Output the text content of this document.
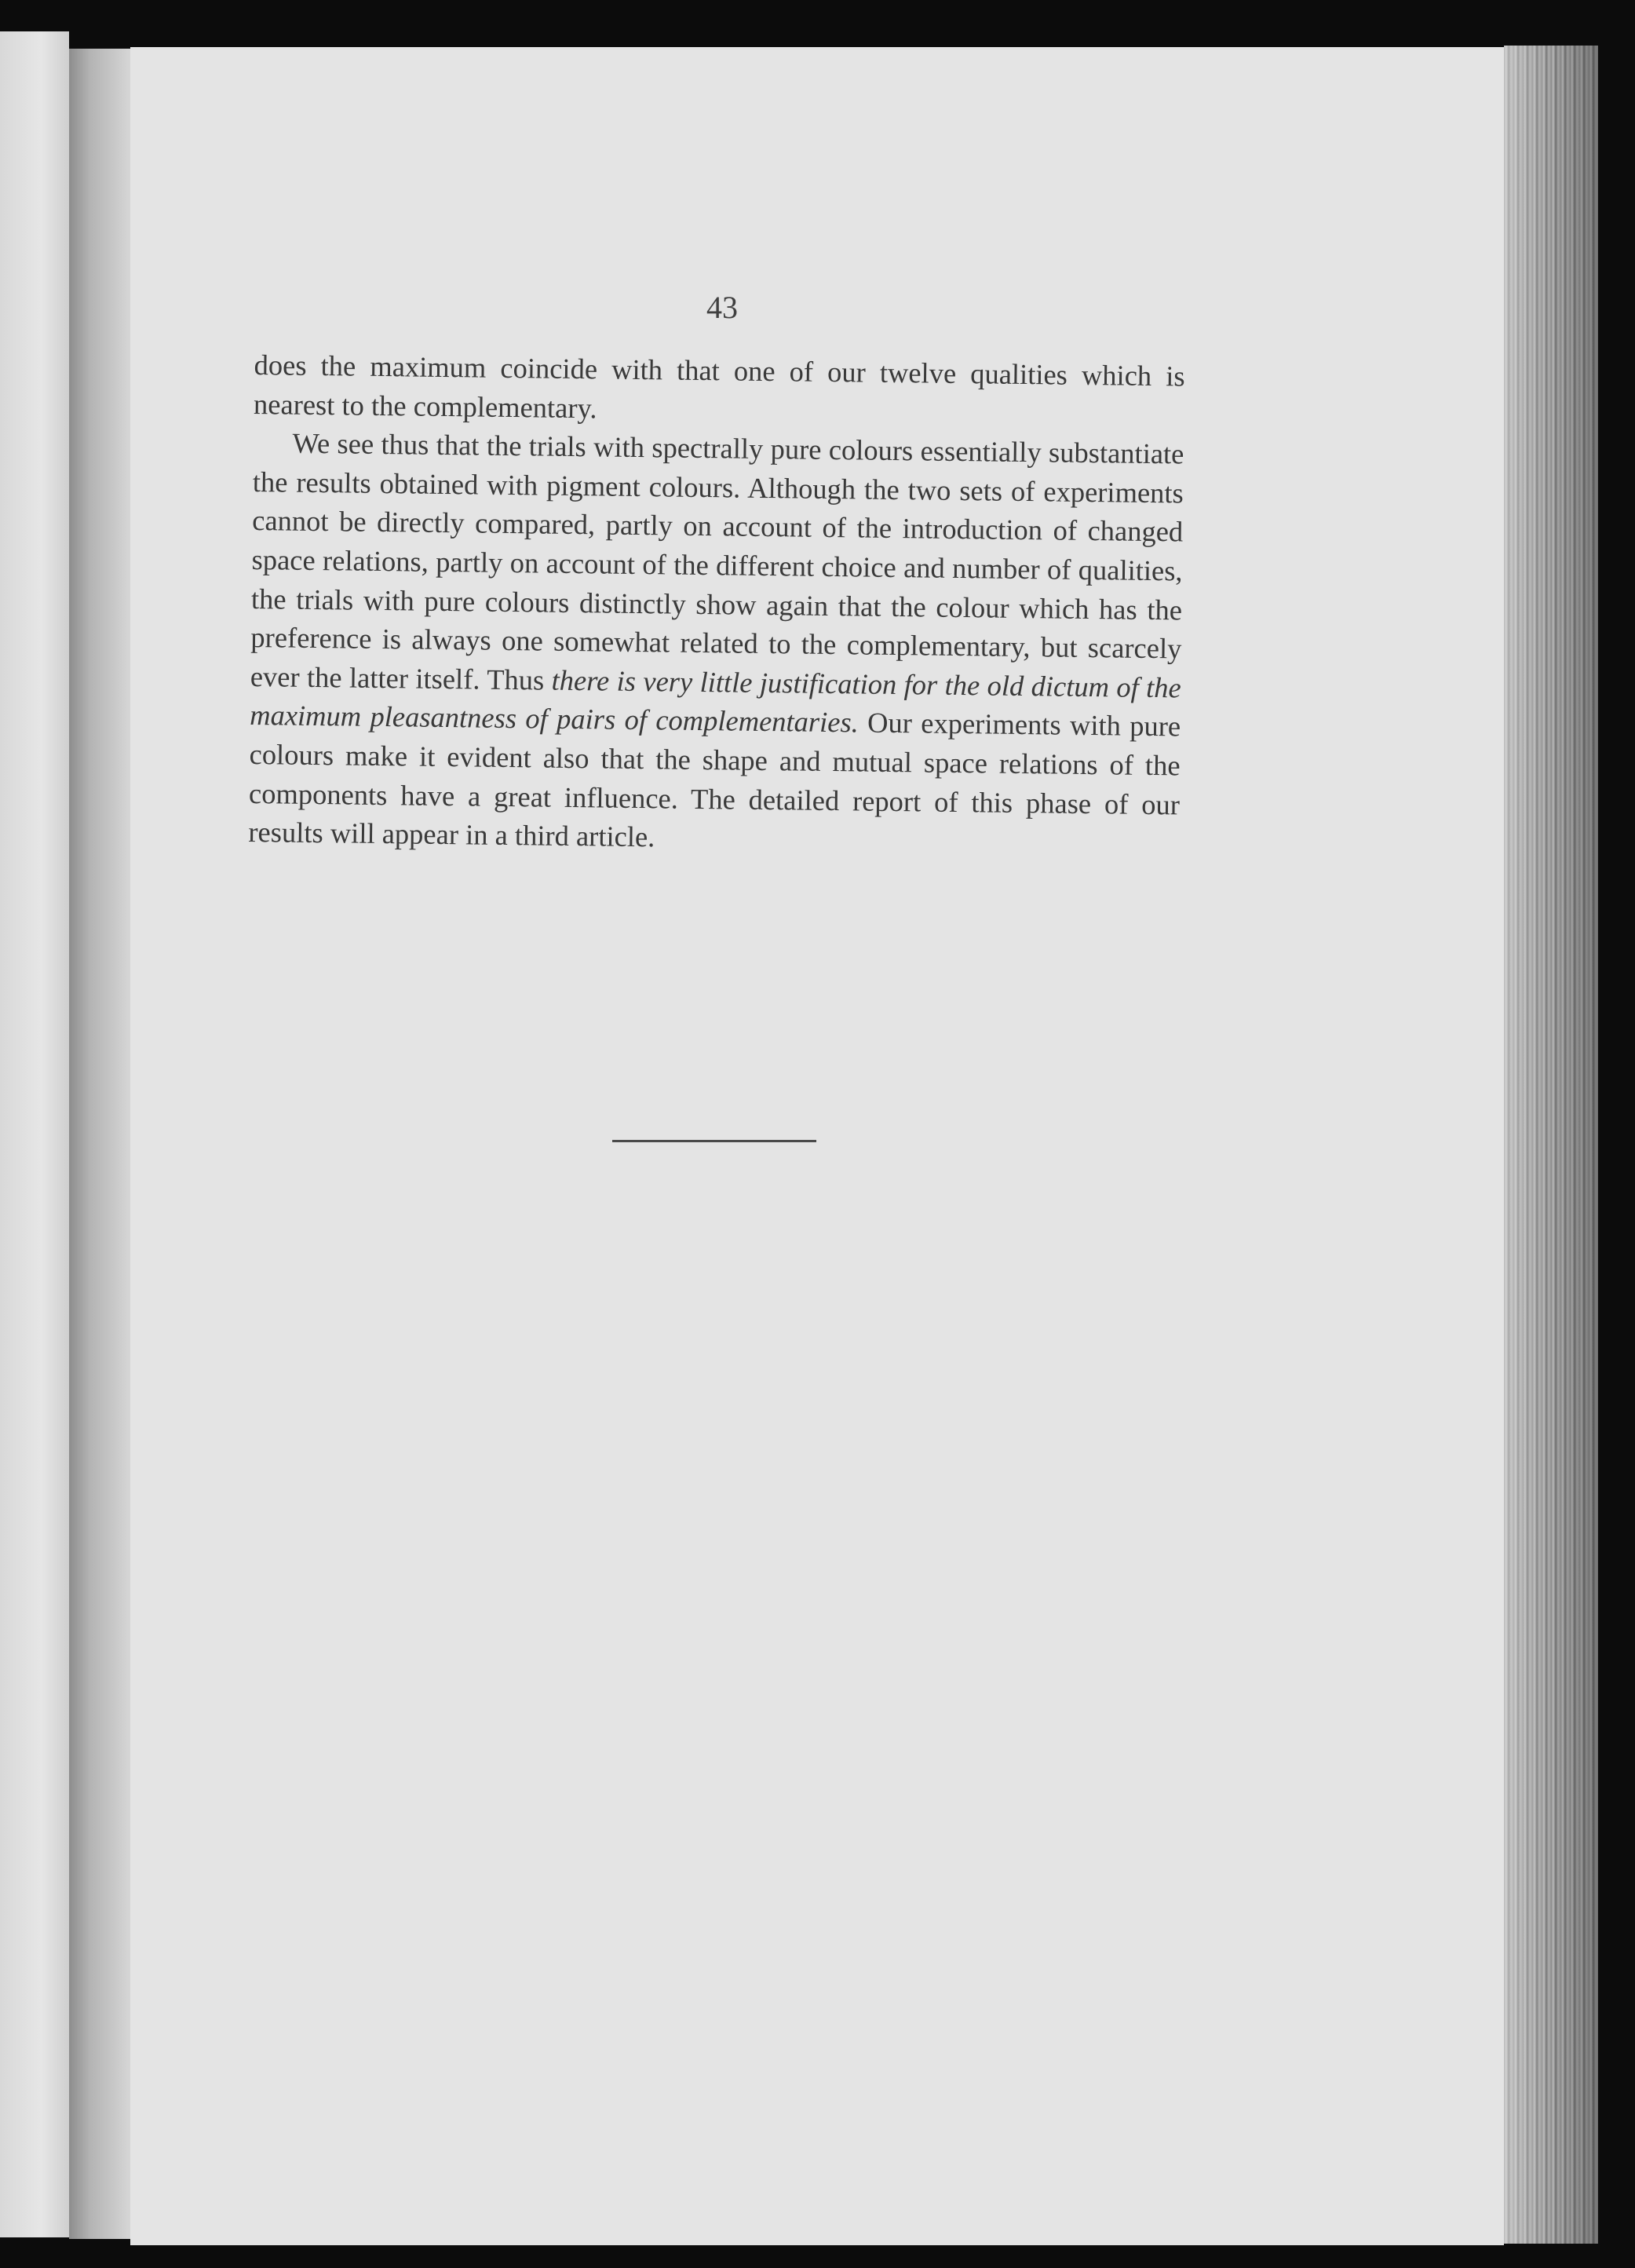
43

does the maximum coincide with that one of our twelve qualities which is nearest to the complementary.

We see thus that the trials with spectrally pure colours essentially substantiate the results obtained with pigment colours. Although the two sets of experiments cannot be directly compared, partly on account of the introduction of changed space relations, partly on account of the different choice and number of qualities, the trials with pure colours distinctly show again that the colour which has the preference is always one somewhat related to the complementary, but scarcely ever the latter itself. Thus there is very little justification for the old dictum of the maximum pleasantness of pairs of complementaries. Our experiments with pure colours make it evident also that the shape and mutual space relations of the components have a great influence. The detailed report of this phase of our results will appear in a third article.
